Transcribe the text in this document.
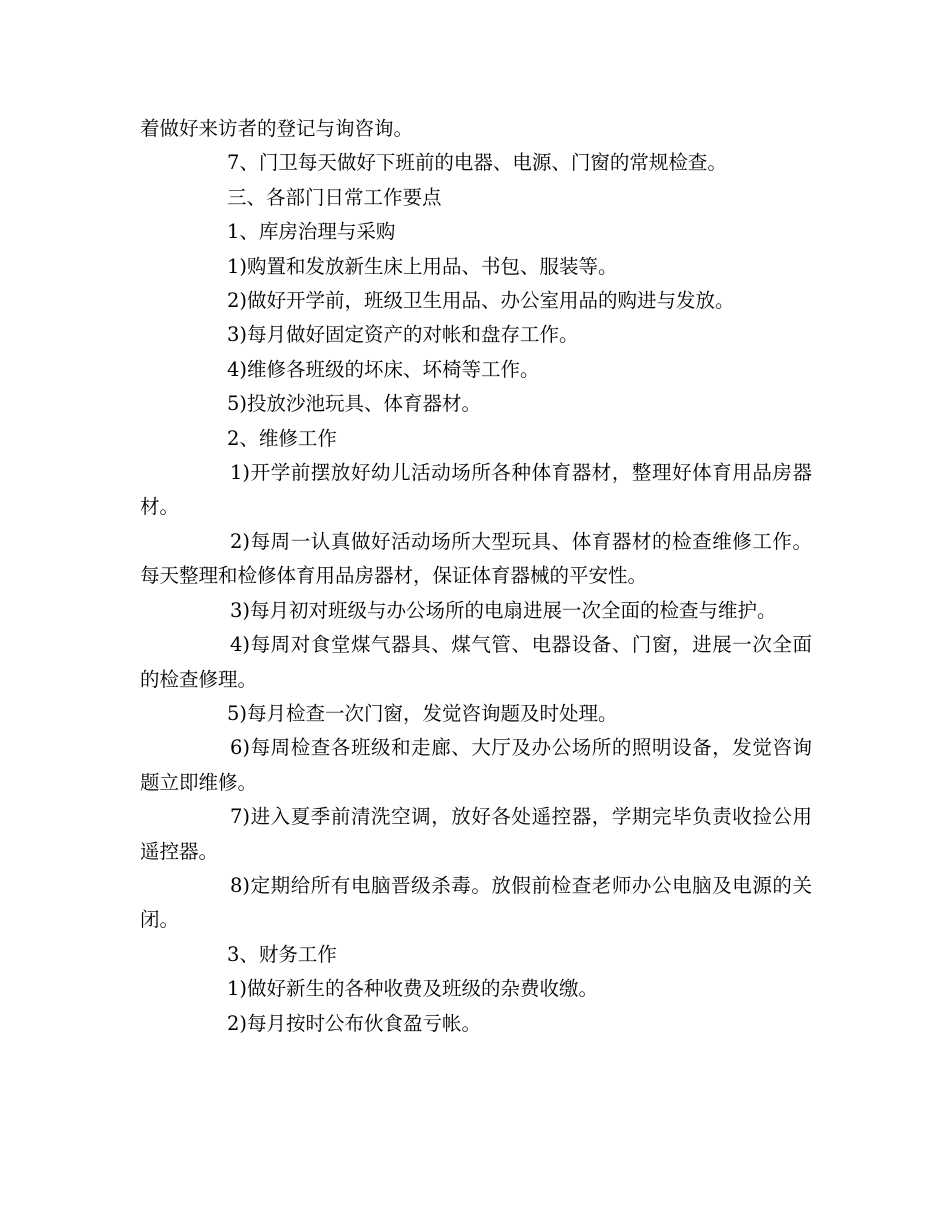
着做好来访者的登记与询咨询。

7、门卫每天做好下班前的电器、电源、门窗的常规检查。

三、各部门日常工作要点

1、库房治理与采购

1)购置和发放新生床上用品、书包、服装等。

2)做好开学前，班级卫生用品、办公室用品的购进与发放。

3)每月做好固定资产的对帐和盘存工作。

4)维修各班级的坏床、坏椅等工作。

5)投放沙池玩具、体育器材。

2、维修工作

1)开学前摆放好幼儿活动场所各种体育器材，整理好体育用品房器材。

2)每周一认真做好活动场所大型玩具、体育器材的检查维修工作。每天整理和检修体育用品房器材，保证体育器械的平安性。

3)每月初对班级与办公场所的电扇进展一次全面的检查与维护。

4)每周对食堂煤气器具、煤气管、电器设备、门窗，进展一次全面的检查修理。

5)每月检查一次门窗，发觉咨询题及时处理。

6)每周检查各班级和走廊、大厅及办公场所的照明设备，发觉咨询题立即维修。

7)进入夏季前清洗空调，放好各处遥控器，学期完毕负责收捡公用遥控器。

8)定期给所有电脑晋级杀毒。放假前检查老师办公电脑及电源的关闭。

3、财务工作

1)做好新生的各种收费及班级的杂费收缴。

2)每月按时公布伙食盈亏帐。
